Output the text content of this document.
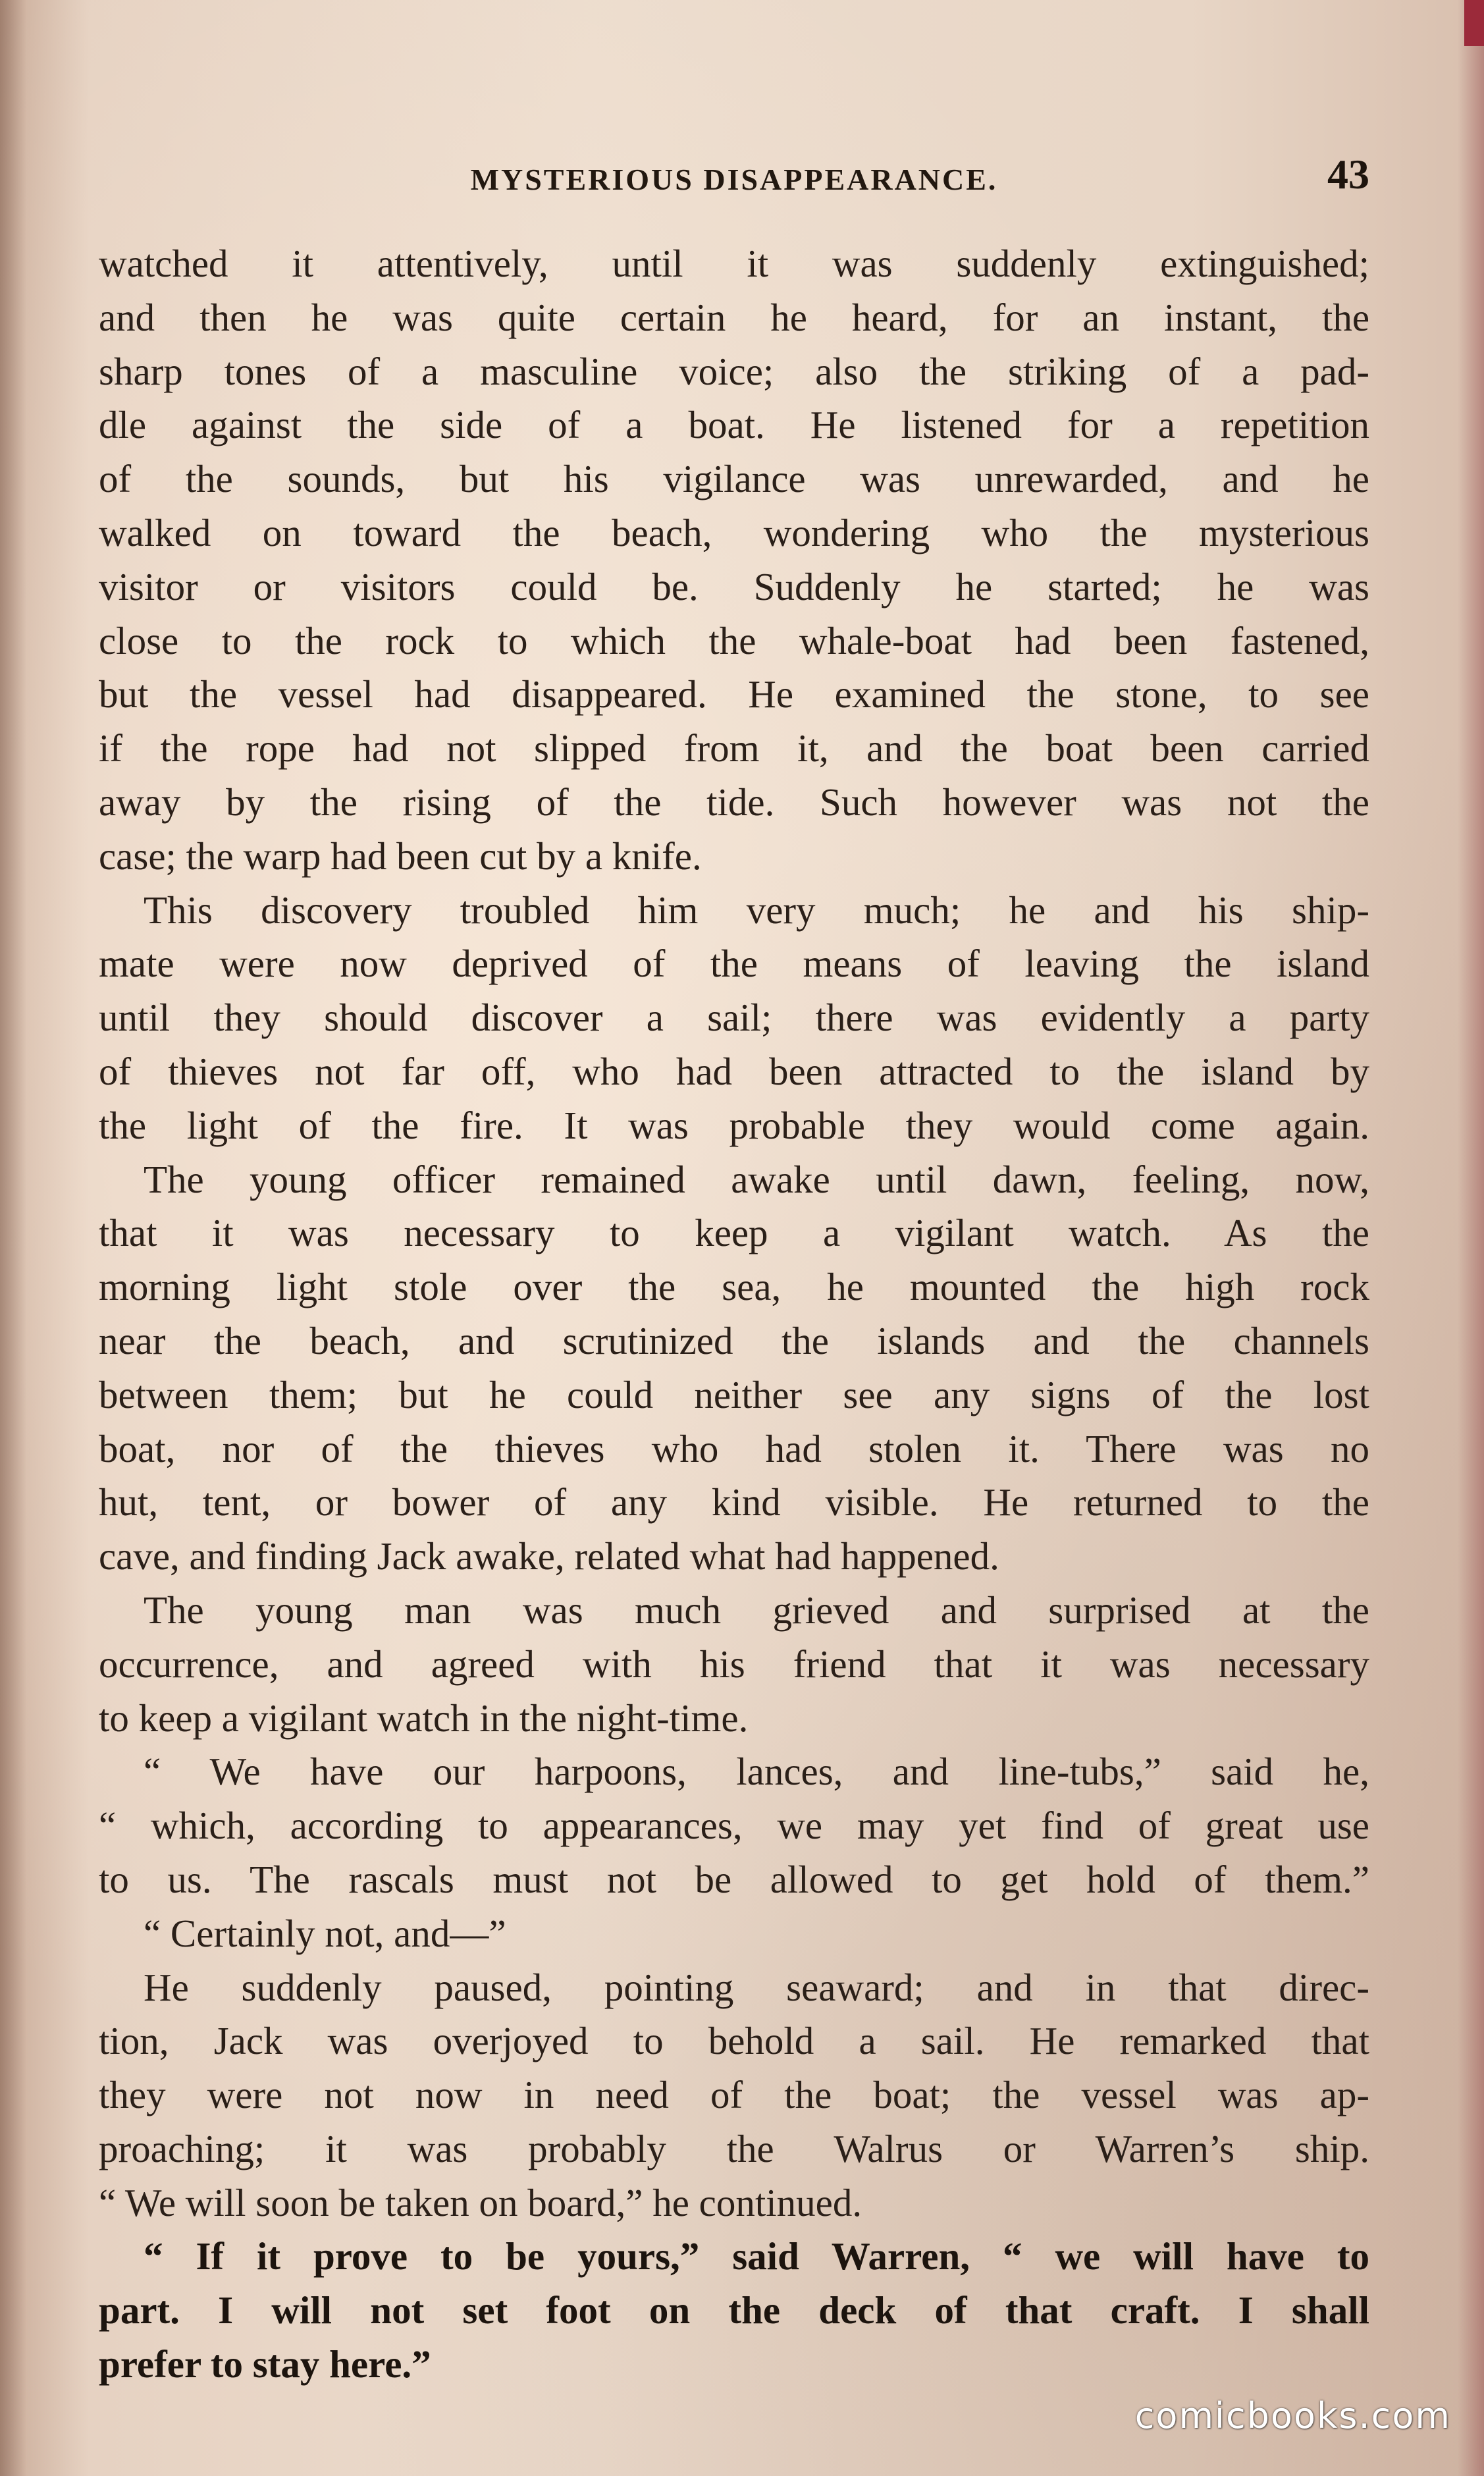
MYSTERIOUS DISAPPEARANCE.	43
watched it attentively, until it was suddenly extinguished;
and then he was quite certain he heard, for an instant, the
sharp tones of a masculine voice; also the striking of a pad-
dle against the side of a boat. He listened for a repetition
of the sounds, but his vigilance was unrewarded, and he
walked on toward the beach, wondering who the mysterious
visitor or visitors could be. Suddenly he started; he was
close to the rock to which the whale-boat had been fastened,
but the vessel had disappeared. He examined the stone, to see
if the rope had not slipped from it, and the boat been carried
away by the rising of the tide. Such however was not the
case; the warp had been cut by a knife.
This discovery troubled him very much; he and his ship-
mate were now deprived of the means of leaving the island
until they should discover a sail; there was evidently a party
of thieves not far off, who had been attracted to the island by
the light of the fire. It was probable they would come again.
The young officer remained awake until dawn, feeling, now,
that it was necessary to keep a vigilant watch. As the
morning light stole over the sea, he mounted the high rock
near the beach, and scrutinized the islands and the channels
between them; but he could neither see any signs of the lost
boat, nor of the thieves who had stolen it. There was no
hut, tent, or bower of any kind visible. He returned to the
cave, and finding Jack awake, related what had happened.
The young man was much grieved and surprised at the
occurrence, and agreed with his friend that it was necessary
to keep a vigilant watch in the night-time.
“ We have our harpoons, lances, and line-tubs,” said he,
“ which, according to appearances, we may yet find of great use
to us. The rascals must not be allowed to get hold of them.”
“ Certainly not, and—”
He suddenly paused, pointing seaward; and in that direc-
tion, Jack was overjoyed to behold a sail. He remarked that
they were not now in need of the boat; the vessel was ap-
proaching; it was probably the Walrus or Warren’s ship.
“ We will soon be taken on board,” he continued.
“ If it prove to be yours,” said Warren, “ we will have to
part. I will not set foot on the deck of that craft. I shall
prefer to stay here.”
comicbooks.com
